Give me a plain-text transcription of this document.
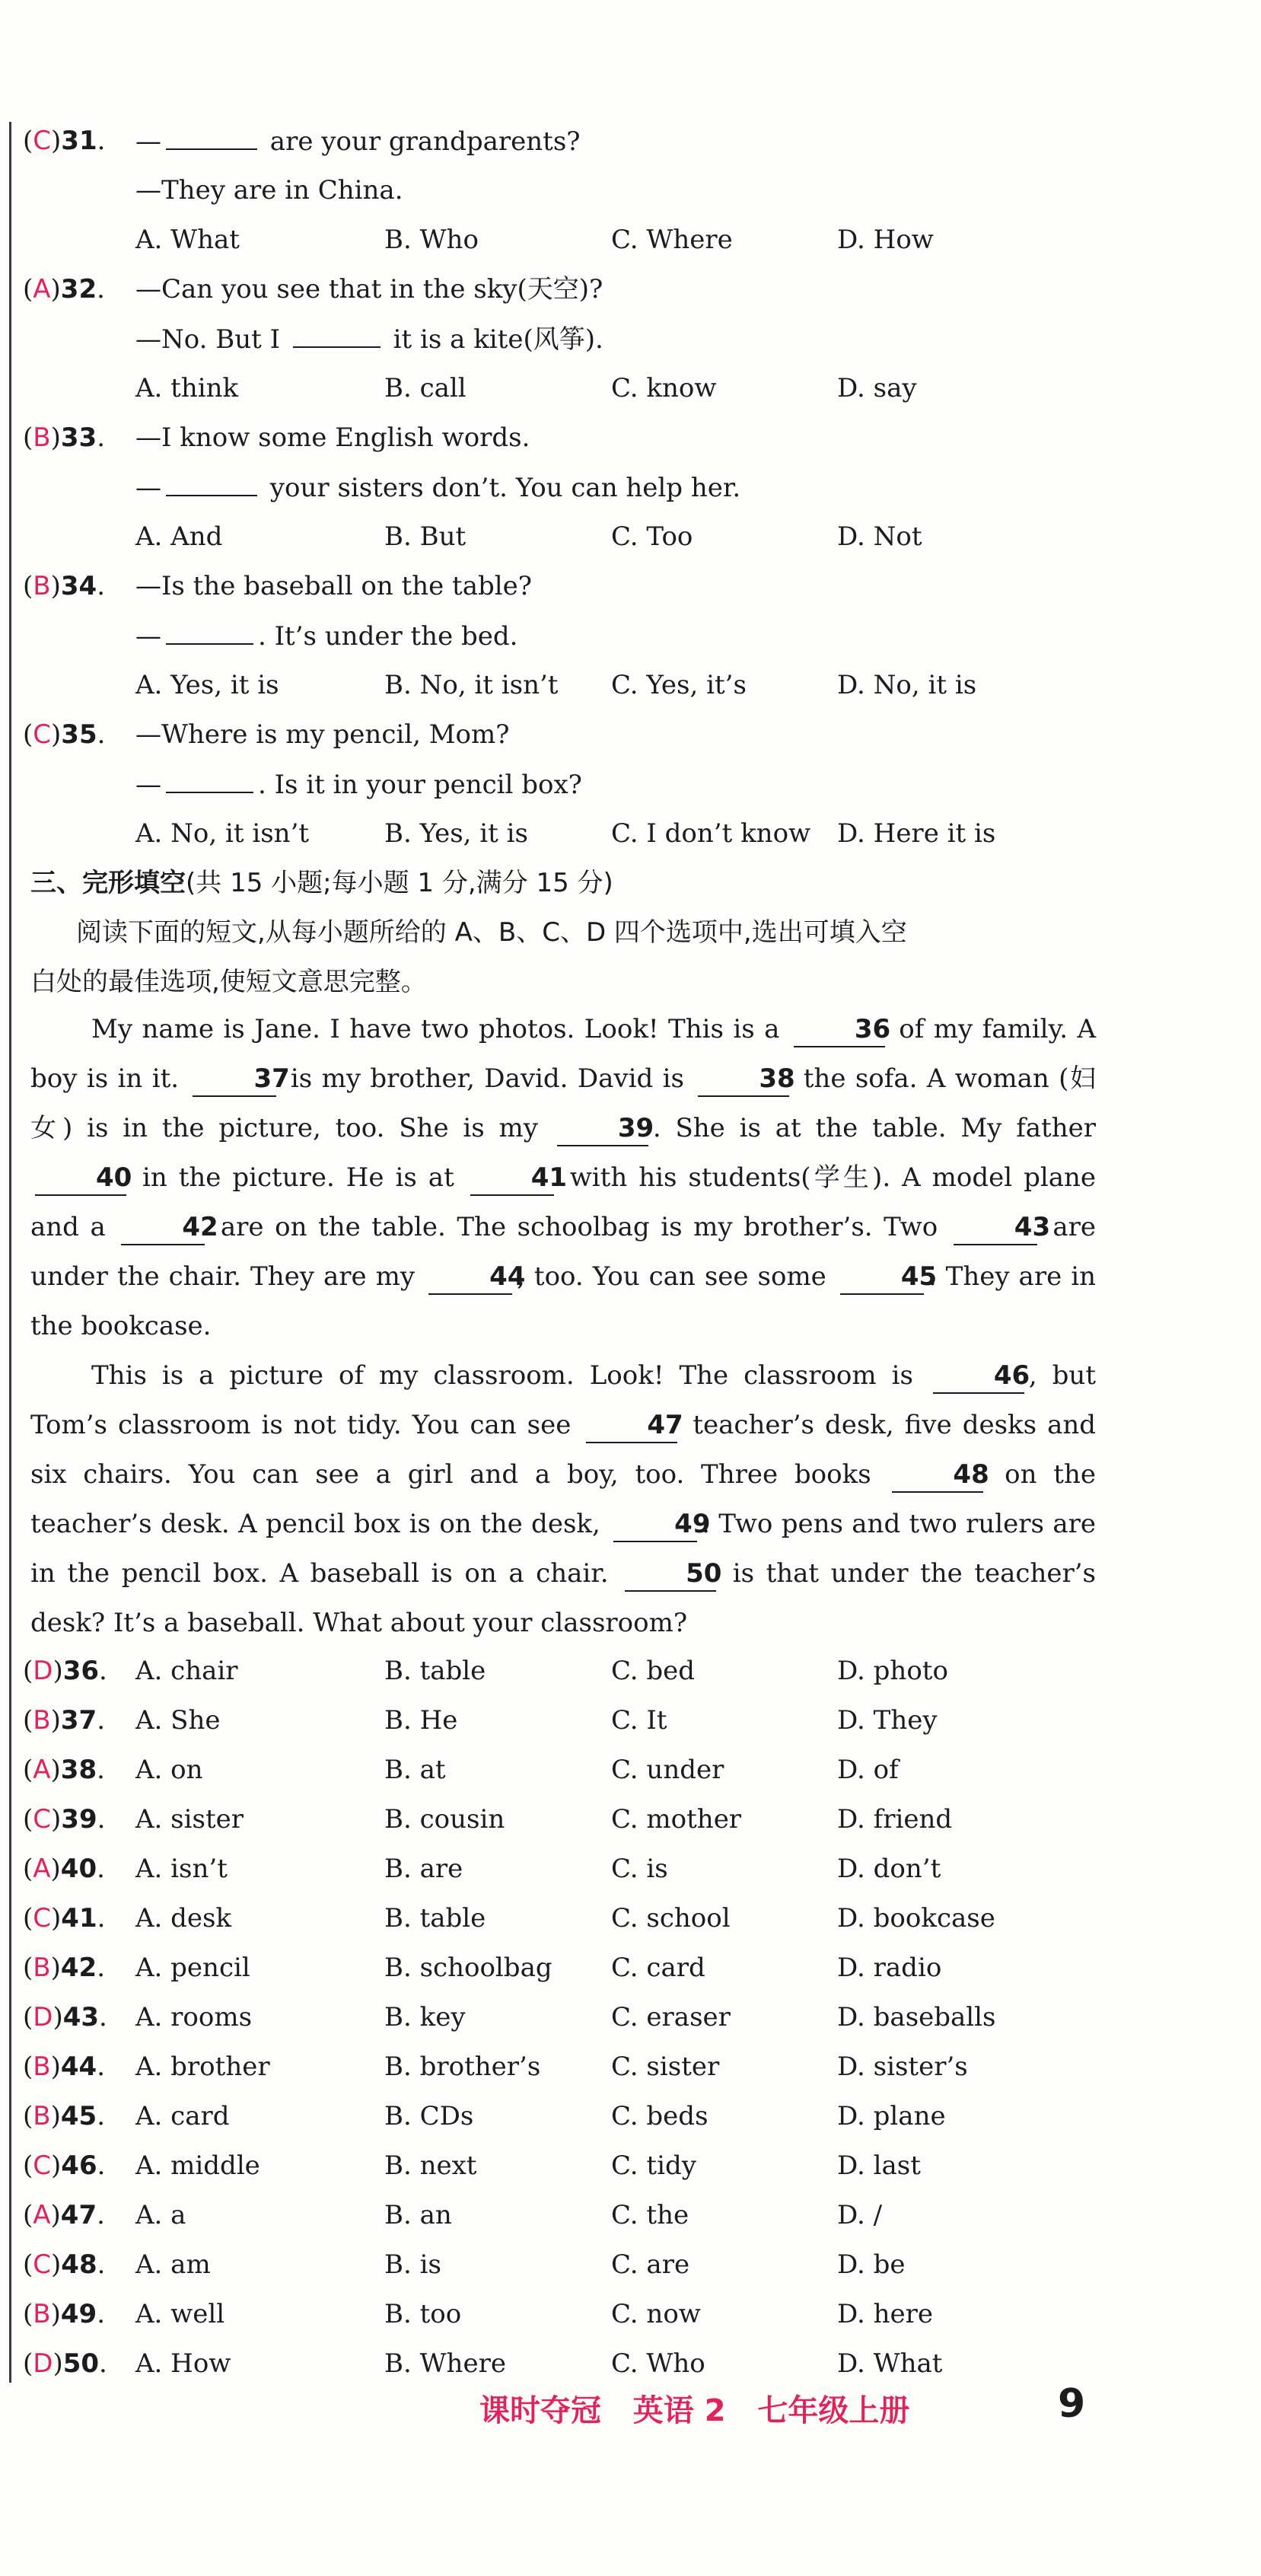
(C)31. —	are your grandparents?
—They are in China.
A. What	B. Who	C. Where	D. How
(A)32. —Can you see that in the sky(天空)?
—No. But I	it is a kite(风筝).
A. think	B. call	C. know	D. say
(B)33. —I know some English words.
—	your sisters don’t. You can help her.
A. And	B. But	C. Too	D. Not
(B)34. —Is the baseball on the table?
—	. It’s under the bed.
A. Yes, it is	B. No, it isn’t C. Yes, it’s	D. No, it is
(C)35. —Where is my pencil, Mom?
—	. Is it in your pencil box?
A. No, it isn’t	B. Yes, it is	C. I don’t know D. Here it is
三、完形填空(共 15 小题;每小题 1 分,满分 15 分)
阅读下面的短文,从每小题所给的 A、B、C、D 四个选项中,选出可填入空
白处的最佳选项,使短文意思完整。
My name is Jane. I have two photos. Look! This is a	36 of my family. A boy is in it.	37 is my brother, David. David is	38 the sofa. A woman (妇女) is in the picture, too. She is my	39. She is at the table. My father 40 in the picture. He is at	41 with his students(学生). A model plane and a	42 are on the table. The schoolbag is my brother’s. Two	43 are under the chair. They are my	44, too. You can see some	45. They are in the bookcase.
This is a picture of my classroom. Look! The classroom is	46, but Tom’s classroom is not tidy. You can see	47 teacher’s desk, five desks and six chairs. You can see a girl and a boy, too. Three books	48 on the teacher’s desk. A pencil box is on the desk,	49. Two pens and two rulers are in the pencil box. A baseball is on a chair.	50 is that under the teacher’s desk? It’s a baseball. What about your classroom?
(D)36. A. chair	B. table	C. bed	D. photo
(B)37. A. She	B. He	C. It	D. They
(A)38. A. on	B. at	C. under	D. of
(C)39. A. sister	B. cousin	C. mother	D. friend
(A)40. A. isn’t	B. are	C. is	D. don’t
(C)41. A. desk	B. table	C. school	D. bookcase
(B)42. A. pencil	B. schoolbag C. card	D. radio
(D)43. A. rooms	B. key	C. eraser	D. baseballs
(B)44. A. brother	B. brother’s	C. sister	D. sister’s
(B)45. A. card	B. CDs	C. beds	D. plane
(C)46. A. middle	B. next	C. tidy	D. last
(A)47. A. a	B. an	C. the	D. /
(C)48. A. am	B. is	C. are	D. be
(B)49. A. well	B. too	C. now	D. here
(D)50. A. How	B. Where	C. Who	D. What
课时夺冠 英语 2 七年级上册	9
